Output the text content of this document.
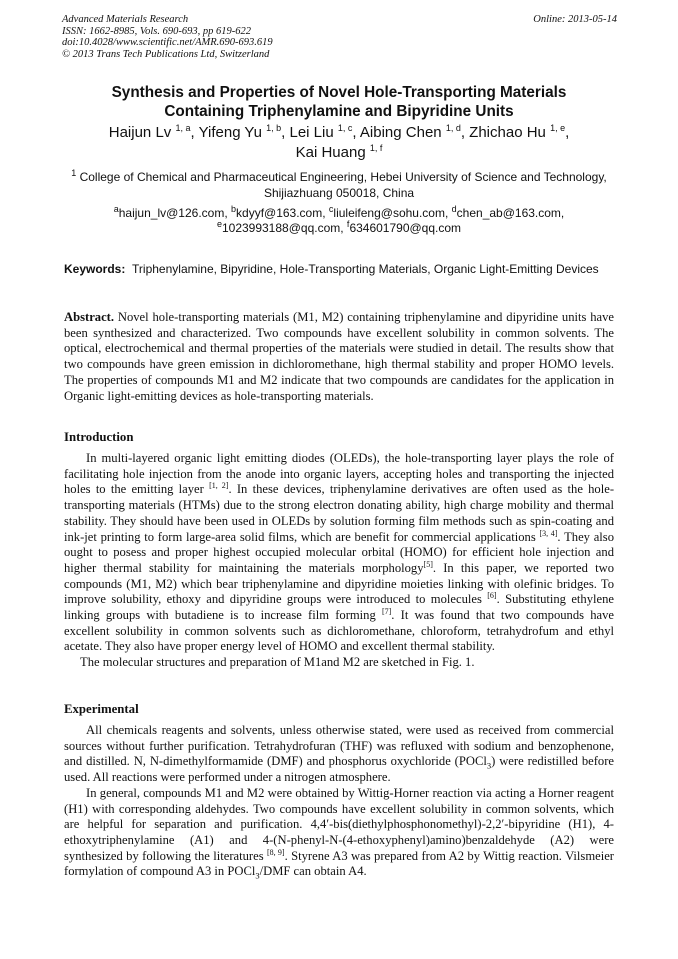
Advanced Materials Research
ISSN: 1662-8985, Vols. 690-693, pp 619-622
doi:10.4028/www.scientific.net/AMR.690-693.619
© 2013 Trans Tech Publications Ltd, Switzerland
Online: 2013-05-14
Synthesis and Properties of Novel Hole-Transporting Materials
Containing Triphenylamine and Bipyridine Units
Haijun Lv $^{1, a}$, Yifeng Yu $^{1, b}$, Lei Liu $^{1, c}$, Aibing Chen $^{1, d}$, Zhichao Hu $^{1, e}$,
Kai Huang $^{1, f}$
$^1$ College of Chemical and Pharmaceutical Engineering, Hebei University of Science and Technology, Shijiazhuang 050018, China
$^a$haijun_lv@126.com, $^b$kdyyf@163.com, $^c$liuleifeng@sohu.com, $^d$chen_ab@163.com,
$^e$1023993188@qq.com, $^f$634601790@qq.com
Keywords: Triphenylamine, Bipyridine, Hole-Transporting Materials, Organic Light-Emitting Devices

Abstract. Novel hole-transporting materials (M1, M2) containing triphenylamine and dipyridine units have been synthesized and characterized. Two compounds have excellent solubility in common solvents. The optical, electrochemical and thermal properties of the materials were studied in detail. The results show that two compounds have green emission in dichloromethane, high thermal stability and proper HOMO levels. The properties of compounds M1 and M2 indicate that two compounds are candidates for the application in Organic light-emitting devices as hole-transporting materials.

Introduction

In multi-layered organic light emitting diodes (OLEDs), the hole-transporting layer plays the role of facilitating hole injection from the anode into organic layers, accepting holes and transporting the injected holes to the emitting layer [1, 2]. In these devices, triphenylamine derivatives are often used as the hole-transporting materials (HTMs) due to the strong electron donating ability, high charge mobility and thermal stability. They should have been used in OLEDs by solution forming film methods such as spin-coating and ink-jet printing to form large-area solid films, which are benefit for commercial applications [3, 4]. They also ought to posess and proper highest occupied molecular orbital (HOMO) for efficient hole injection and higher thermal stability for maintaining the materials morphology[5]. In this paper, we reported two compounds (M1, M2) which bear triphenylamine and dipyridine moieties linking with olefinic bridges. To improve solubility, ethoxy and dipyridine groups were introduced to molecules [6]. Substituting ethylene linking groups with butadiene is to increase film forming [7]. It was found that two compounds have excellent solubility in common solvents such as dichloromethane, chloroform, tetrahydrofum and ethyl acetate. They also have proper energy level of HOMO and excellent thermal stability.

The molecular structures and preparation of M1and M2 are sketched in Fig. 1.

Experimental

All chemicals reagents and solvents, unless otherwise stated, were used as received from commercial sources without further purification. Tetrahydrofuran (THF) was refluxed with sodium and benzophenone, and distilled. N, N-dimethylformamide (DMF) and phosphorus oxychloride (POCl$_3$) were redistilled before used. All reactions were performed under a nitrogen atmosphere.

In general, compounds M1 and M2 were obtained by Wittig-Horner reaction via acting a Horner reagent (H1) with corresponding aldehydes. Two compounds have excellent solubility in common solvents, which are helpful for separation and purification. 4,4′-bis(diethylphosphonomethyl)-2,2′-bipyridine (H1), 4-ethoxytriphenylamine (A1) and 4-(N-phenyl-N-(4-ethoxyphenyl)amino)benzaldehyde (A2) were synthesized by following the literatures [8, 9]. Styrene A3 was prepared from A2 by Wittig reaction. Vilsmeier formylation of compound A3 in POCl$_3$/DMF can obtain A4.
